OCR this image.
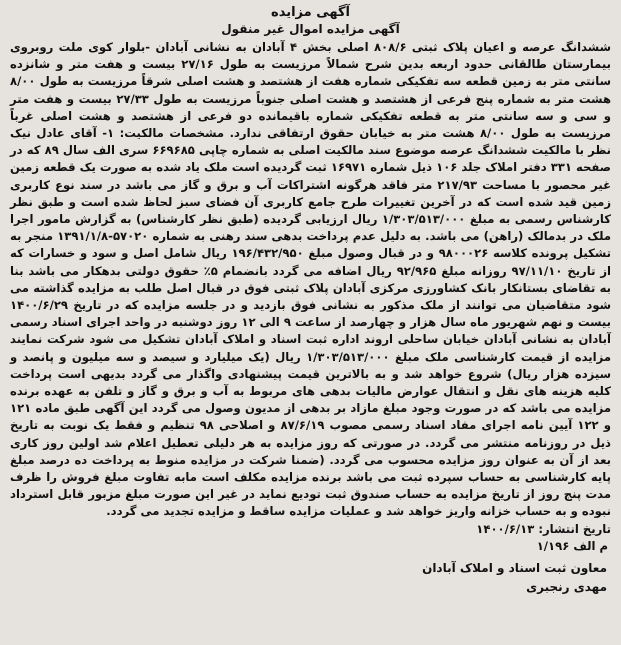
آگهی مزایده
آگهی مزایده اموال غیر منقول
ششدانگ عرصه و اعیان پلاک ثبتی ۸۰۸/۶ اصلی بخش ۴ آبادان به نشانی آبادان -بلوار کوی ملت روبروی بیمارستان طالقانی حدود اربعه بدین شرح شمالاً مرزیست به طول ۲۷/۱۶ بیست و هفت متر و شانزده سانتی متر به زمین قطعه سه تفکیکی شماره هفت از هشتصد و هشت اصلی شرقاً مرزیست به طول ۸/۰۰ هشت متر به شماره پنج فرعی از هشتصد و هشت اصلی جنوباً مرزیست به طول ۲۷/۳۳ بیست و هفت متر و سی و سه سانتی متر به قطعه تفکیکی شماره باقیمانده دو فرعی از هشتصد و هشت اصلی غرباً مرزیست به طول ۸/۰۰ هشت متر به خیابان حقوق ارتفاقی ندارد. مشخصات مالکیت: ۱- آقای عادل نیک نظر با مالکیت ششدانگ عرصه موضوع سند مالکیت اصلی به شماره چاپی ۶۶۹۶۸۵ سری الف سال ۸۹ که در صفحه ۳۳۱ دفتر املاک جلد ۱۰۶ ذیل شماره ۱۶۹۷۱ ثبت گردیده است ملک یاد شده به صورت یک قطعه زمین غیر محصور با مساحت ۲۱۷/۹۳ متر فاقد هرگونه اشتراکات آب و برق و گاز می باشد در سند نوع کاربری زمین قید شده است که در آخرین تغییرات طرح جامع کاربری آن فضای سبز لحاظ شده است و طبق نظر کارشناس رسمی به مبلغ ۱/۳۰۳/۵۱۳/۰۰۰ ریال ارزیابی گردیده (طبق نظر کارشناس) به گزارش مامور اجرا ملک در بدمالک (راهن) می باشد. به دلیل عدم پرداخت بدهی سند رهنی به شماره ۵۷۰۲۰-۱۳۹۱/۱/۸ منجر به تشکیل پرونده کلاسه ۹۸۰۰۰۲۶ و در قبال وصول مبلغ ۱۹۶/۴۳۲/۹۵۰ ریال شامل اصل و سود و خسارات که از تاریخ ۹۷/۱۱/۱۰ روزانه مبلغ ۹۲/۹۶۵ ریال اضافه می گردد بانضمام ۵٪ حقوق دولتی بدهکار می باشد بنا به تقاضای بستانکار بانک کشاورزی مرکزی آبادان پلاک ثبتی فوق در قبال اصل طلب به مزایده گذاشته می شود متقاضیان می توانند از ملک مذکور به نشانی فوق بازدید و در جلسه مزایده که در تاریخ ۱۴۰۰/۶/۲۹ بیست و نهم شهریور ماه سال هزار و چهارصد از ساعت ۹ الی ۱۲ روز دوشنبه در واحد اجرای اسناد رسمی آبادان به نشانی آبادان خیابان ساحلی اروند اداره ثبت اسناد و املاک آبادان تشکیل می شود شرکت نمایند مزایده از قیمت کارشناسی ملک مبلغ ۱/۳۰۳/۵۱۳/۰۰۰ ریال (یک میلیارد و سیصد و سه میلیون و پانصد و سیزده هزار ریال) شروع خواهد شد و به بالاترین قیمت پیشنهادی واگذار می گردد بدیهی است پرداخت کلیه هزینه های نقل و انتقال عوارض مالیات بدهی های مربوط به آب و برق و گاز و تلفن به عهده برنده مزایده می باشد که در صورت وجود مبلغ مازاد بر بدهی از مدیون وصول می گردد این آگهی طبق ماده ۱۲۱ و ۱۲۲ آیین نامه اجرای مفاد اسناد رسمی مصوب ۸۷/۶/۱۹ و اصلاحی ۹۸ تنظیم و فقط یک نوبت به تاریخ ذیل در روزنامه منتشر می گردد. در صورتی که روز مزایده به هر دلیلی تعطیل اعلام شد اولین روز کاری بعد از آن به عنوان روز مزایده محسوب می گردد. (ضمنا شرکت در مزایده منوط به پرداخت ده درصد مبلغ پایه کارشناسی به حساب سپرده ثبت می باشد برنده مزایده مکلف است مابه تفاوت مبلغ فروش را ظرف مدت پنج روز از تاریخ مزایده به حساب صندوق ثبت تودیع نماید در غیر این صورت مبلغ مزبور قابل استرداد نبوده و به حساب خزانه واریز خواهد شد و عملیات مزایده ساقط و مزایده تجدید می گردد.
تاریخ انتشار: ۱۴۰۰/۶/۱۳
م الف ۱/۱۹۶
معاون ثبت اسناد و املاک آبادان
مهدی رنجبری
